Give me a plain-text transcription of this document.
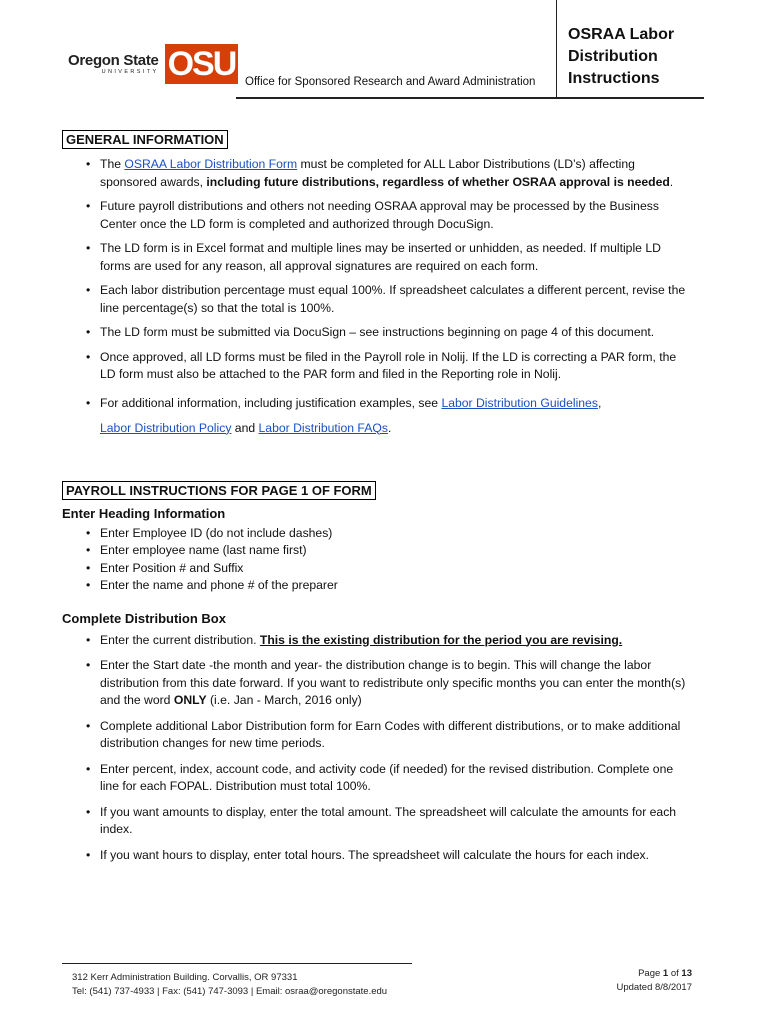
Oregon State
UNIVERSITY OSU Office for Sponsored Research and Award Administration
OSRAA Labor
Distribution
Instructions
GENERAL INFORMATION
• The OSRAA Labor Distribution Form must be completed for ALL Labor Distributions (LD’s) affecting sponsored awards, including future distributions, regardless of whether OSRAA approval is needed.
• Future payroll distributions and others not needing OSRAA approval may be processed by the Business Center once the LD form is completed and authorized through DocuSign.
• The LD form is in Excel format and multiple lines may be inserted or unhidden, as needed. If multiple LD forms are used for any reason, all approval signatures are required on each form.
• Each labor distribution percentage must equal 100%. If spreadsheet calculates a different percent, revise the line percentage(s) so that the total is 100%.
• The LD form must be submitted via DocuSign – see instructions beginning on page 4 of this document.
• Once approved, all LD forms must be filed in the Payroll role in Nolij. If the LD is correcting a PAR form, the LD form must also be attached to the PAR form and filed in the Reporting role in Nolij.
• For additional information, including justification examples, see Labor Distribution Guidelines,
Labor Distribution Policy and Labor Distribution FAQs.
PAYROLL INSTRUCTIONS FOR PAGE 1 OF FORM
Enter Heading Information
• Enter Employee ID (do not include dashes)
• Enter employee name (last name first)
• Enter Position # and Suffix
• Enter the name and phone # of the preparer
Complete Distribution Box
• Enter the current distribution. This is the existing distribution for the period you are revising.
• Enter the Start date -the month and year- the distribution change is to begin. This will change the labor distribution from this date forward. If you want to redistribute only specific months you can enter the month(s) and the word ONLY (i.e. Jan - March, 2016 only)
• Complete additional Labor Distribution form for Earn Codes with different distributions, or to make additional distribution changes for new time periods.
• Enter percent, index, account code, and activity code (if needed) for the revised distribution. Complete one line for each FOPAL. Distribution must total 100%.
• If you want amounts to display, enter the total amount. The spreadsheet will calculate the amounts for each index.
• If you want hours to display, enter total hours. The spreadsheet will calculate the hours for each index.
312 Kerr Administration Building. Corvallis, OR 97331
Tel: (541) 737-4933 | Fax: (541) 747-3093 | Email: osraa@oregonstate.edu
Page 1 of 13
Updated 8/8/2017
